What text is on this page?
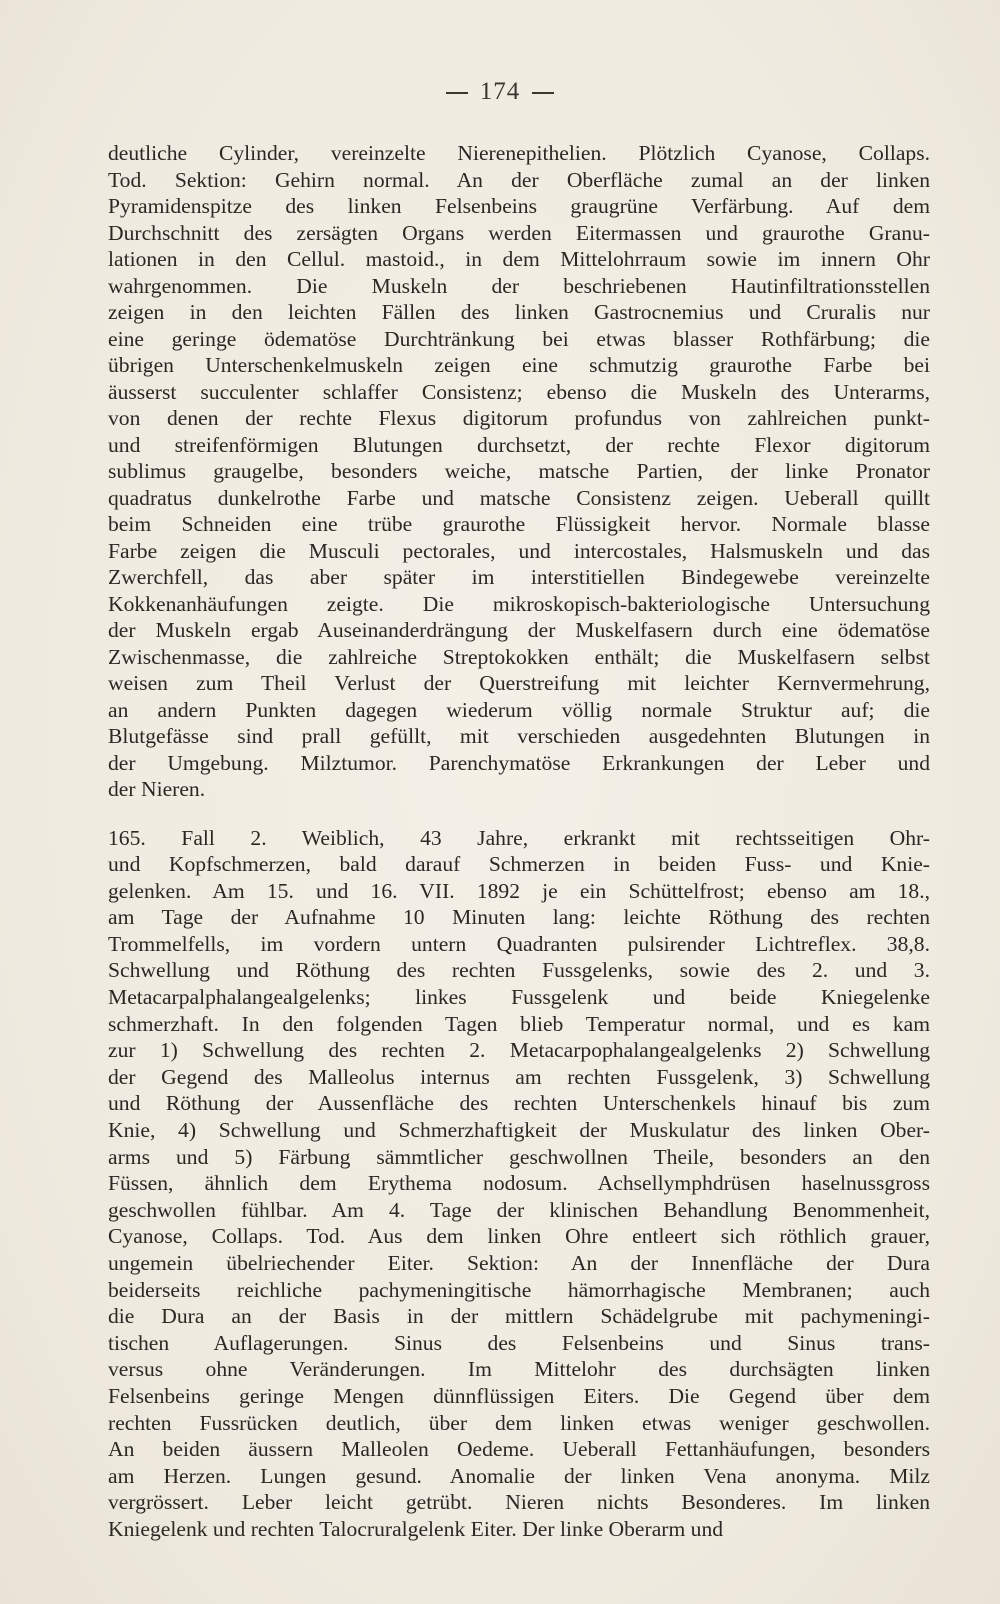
174
deutliche Cylinder, vereinzelte Nierenepithelien. Plötzlich Cyanose, Collaps.
Tod. Sektion: Gehirn normal. An der Oberfläche zumal an der linken
Pyramidenspitze des linken Felsenbeins graugrüne Verfärbung. Auf dem
Durchschnitt des zersägten Organs werden Eitermassen und graurothe Granu-
lationen in den Cellul. mastoid., in dem Mittelohrraum sowie im innern Ohr
wahrgenommen. Die Muskeln der beschriebenen Hautinfiltrationsstellen
zeigen in den leichten Fällen des linken Gastrocnemius und Cruralis nur
eine geringe ödematöse Durchtränkung bei etwas blasser Rothfärbung; die
übrigen Unterschenkelmuskeln zeigen eine schmutzig graurothe Farbe bei
äusserst succulenter schlaffer Consistenz; ebenso die Muskeln des Unterarms,
von denen der rechte Flexus digitorum profundus von zahlreichen punkt-
und streifenförmigen Blutungen durchsetzt, der rechte Flexor digitorum
sublimus graugelbe, besonders weiche, matsche Partien, der linke Pronator
quadratus dunkelrothe Farbe und matsche Consistenz zeigen. Ueberall quillt
beim Schneiden eine trübe graurothe Flüssigkeit hervor. Normale blasse
Farbe zeigen die Musculi pectorales, und intercostales, Halsmuskeln und das
Zwerchfell, das aber später im interstitiellen Bindegewebe vereinzelte
Kokkenanhäufungen zeigte. Die mikroskopisch-bakteriologische Untersuchung
der Muskeln ergab Auseinanderdrängung der Muskelfasern durch eine ödematöse
Zwischenmasse, die zahlreiche Streptokokken enthält; die Muskelfasern selbst
weisen zum Theil Verlust der Querstreifung mit leichter Kernvermehrung,
an andern Punkten dagegen wiederum völlig normale Struktur auf; die
Blutgefässe sind prall gefüllt, mit verschieden ausgedehnten Blutungen in
der Umgebung. Milztumor. Parenchymatöse Erkrankungen der Leber und
der Nieren.
165. Fall 2. Weiblich, 43 Jahre, erkrankt mit rechtsseitigen Ohr-
und Kopfschmerzen, bald darauf Schmerzen in beiden Fuss- und Knie-
gelenken. Am 15. und 16. VII. 1892 je ein Schüttelfrost; ebenso am 18.,
am Tage der Aufnahme 10 Minuten lang: leichte Röthung des rechten
Trommelfells, im vordern untern Quadranten pulsirender Lichtreflex. 38,8.
Schwellung und Röthung des rechten Fussgelenks, sowie des 2. und 3.
Metacarpalphalangealgelenks; linkes Fussgelenk und beide Kniegelenke
schmerzhaft. In den folgenden Tagen blieb Temperatur normal, und es kam
zur 1) Schwellung des rechten 2. Metacarpophalangealgelenks 2) Schwellung
der Gegend des Malleolus internus am rechten Fussgelenk, 3) Schwellung
und Röthung der Aussenfläche des rechten Unterschenkels hinauf bis zum
Knie, 4) Schwellung und Schmerzhaftigkeit der Muskulatur des linken Ober-
arms und 5) Färbung sämmtlicher geschwollnen Theile, besonders an den
Füssen, ähnlich dem Erythema nodosum. Achsellymphdrüsen haselnussgross
geschwollen fühlbar. Am 4. Tage der klinischen Behandlung Benommenheit,
Cyanose, Collaps. Tod. Aus dem linken Ohre entleert sich röthlich grauer,
ungemein übelriechender Eiter. Sektion: An der Innenfläche der Dura
beiderseits reichliche pachymeningitische hämorrhagische Membranen; auch
die Dura an der Basis in der mittlern Schädelgrube mit pachymeningi-
tischen Auflagerungen. Sinus des Felsenbeins und Sinus trans-
versus ohne Veränderungen. Im Mittelohr des durchsägten linken
Felsenbeins geringe Mengen dünnflüssigen Eiters. Die Gegend über dem
rechten Fussrücken deutlich, über dem linken etwas weniger geschwollen.
An beiden äussern Malleolen Oedeme. Ueberall Fettanhäufungen, besonders
am Herzen. Lungen gesund. Anomalie der linken Vena anonyma. Milz
vergrössert. Leber leicht getrübt. Nieren nichts Besonderes. Im linken
Kniegelenk und rechten Talocruralgelenk Eiter. Der linke Oberarm und
